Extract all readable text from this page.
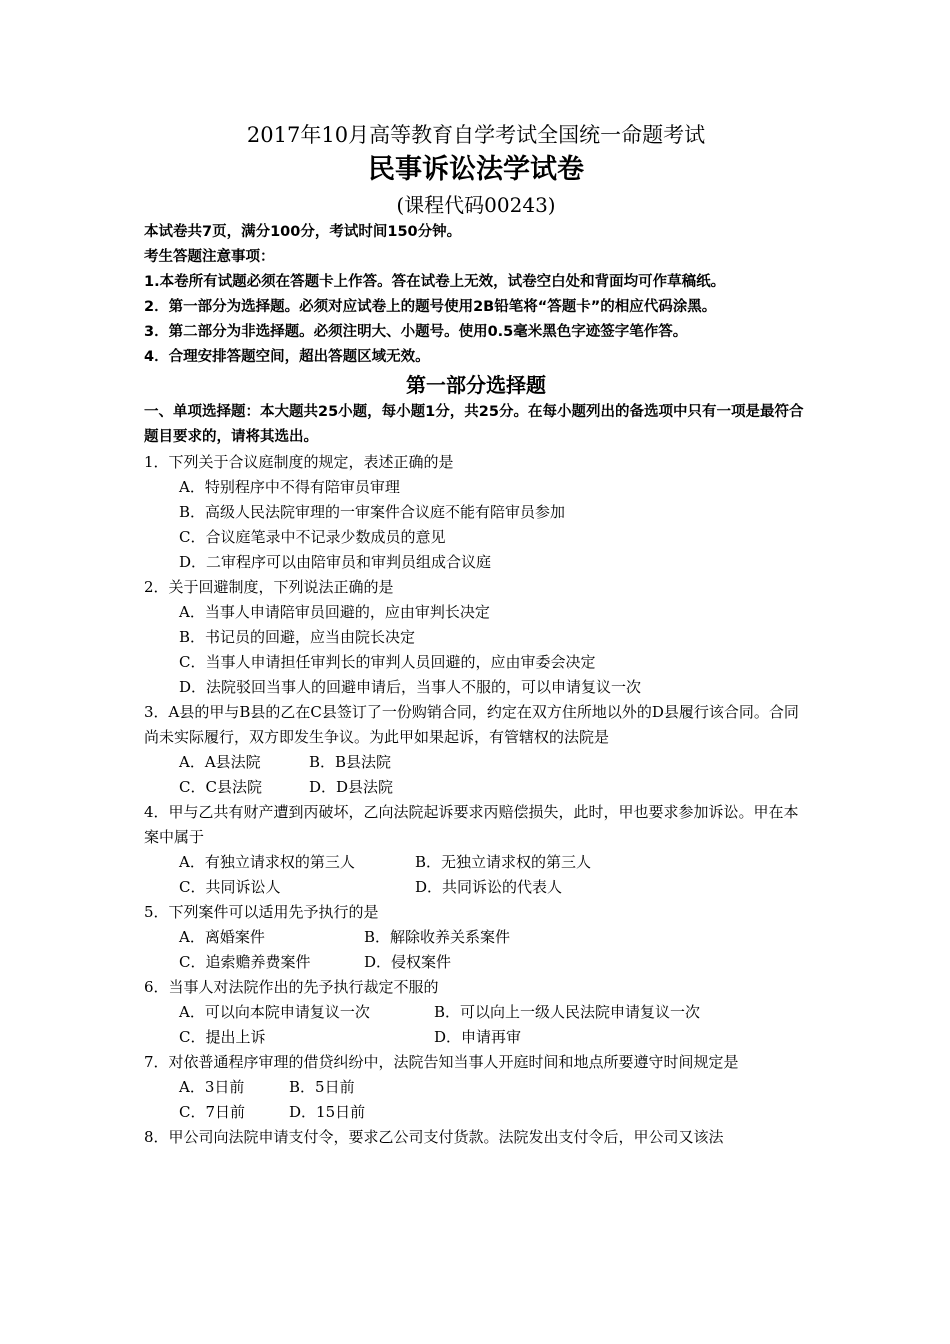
2017年10月高等教育自学考试全国统一命题考试
民事诉讼法学试卷
(课程代码00243)
本试卷共7页，满分100分，考试时间150分钟。
考生答题注意事项：
1.本卷所有试题必须在答题卡上作答。答在试卷上无效，试卷空白处和背面均可作草稿纸。
2．第一部分为选择题。必须对应试卷上的题号使用2B铅笔将“答题卡”的相应代码涂黑。
3．第二部分为非选择题。必须注明大、小题号。使用0.5毫米黑色字迹签字笔作答。
4．合理安排答题空间，超出答题区域无效。
第一部分选择题
一、单项选择题：本大题共25小题，每小题1分，共25分。在每小题列出的备选项中只有一项是最符合题目要求的，请将其选出。
1．下列关于合议庭制度的规定，表述正确的是
A．特别程序中不得有陪审员审理
B．高级人民法院审理的一审案件合议庭不能有陪审员参加
C．合议庭笔录中不记录少数成员的意见
D．二审程序可以由陪审员和审判员组成合议庭
2．关于回避制度，下列说法正确的是
A．当事人申请陪审员回避的，应由审判长决定
B．书记员的回避，应当由院长决定
C．当事人申请担任审判长的审判人员回避的，应由审委会决定
D．法院驳回当事人的回避申请后，当事人不服的，可以申请复议一次
3．A县的甲与B县的乙在C县签订了一份购销合同，约定在双方住所地以外的D县履行该合同。合同尚未实际履行，双方即发生争议。为此甲如果起诉，有管辖权的法院是
A．A县法院	B．B县法院
C．C县法院	D．D县法院
4．甲与乙共有财产遭到丙破坏，乙向法院起诉要求丙赔偿损失，此时，甲也要求参加诉讼。甲在本案中属于
A．有独立请求权的第三人	B．无独立请求权的第三人
C．共同诉讼人	D．共同诉讼的代表人
5．下列案件可以适用先予执行的是
A．离婚案件	B．解除收养关系案件
C．追索赡养费案件	D．侵权案件
6．当事人对法院作出的先予执行裁定不服的
A．可以向本院申请复议一次	B．可以向上一级人民法院申请复议一次
C．提出上诉	D．申请再审
7．对依普通程序审理的借贷纠纷中，法院告知当事人开庭时间和地点所要遵守时间规定是
A．3日前	B．5日前
C．7日前	D．15日前
8．甲公司向法院申请支付令，要求乙公司支付货款。法院发出支付令后，甲公司又该法
